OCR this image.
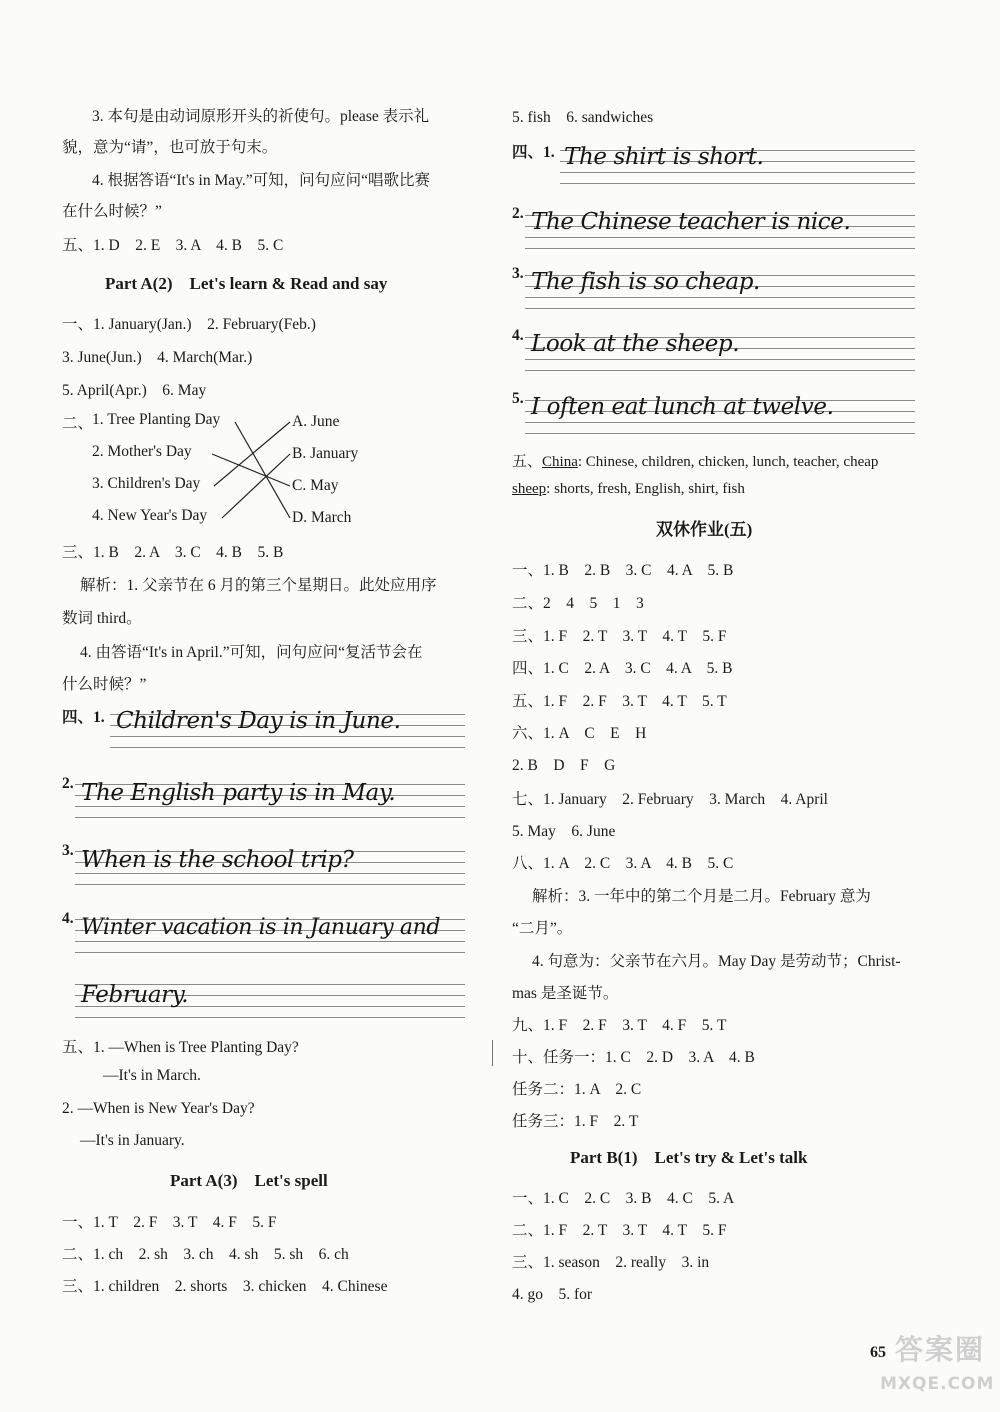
3. 本句是由动词原形开头的祈使句。please 表示礼
貌，意为“请”，也可放于句末。
4. 根据答语“It's in May.”可知，问句应问“唱歌比赛
在什么时候？”
五、1. D　2. E　3. A　4. B　5. C
Part A(2)　Let's learn & Read and say
一、1. January(Jan.)　2. February(Feb.)
3. June(Jun.)　4. March(Mar.)
5. April(Apr.)　6. May
二、
1. Tree Planting Day
2. Mother's Day
3. Children's Day
4. New Year's Day
A. June
B. January
C. May
D. March
三、1. B　2. A　3. C　4. B　5. B
解析：1. 父亲节在 6 月的第三个星期日。此处应用序
数词 third。
4. 由答语“It's in April.”可知，问句应问“复活节会在
什么时候？”
四、1. Children's Day is in June.
2. The English party is in May.
3. When is the school trip?
4. Winter vacation is in January and
February.
五、1. —When is Tree Planting Day?
—It's in March.
2. —When is New Year's Day?
—It's in January.
Part A(3)　Let's spell
一、1. T　2. F　3. T　4. F　5. F
二、1. ch　2. sh　3. ch　4. sh　5. sh　6. ch
三、1. children　2. shorts　3. chicken　4. Chinese
5. fish　6. sandwiches
四、1. The shirt is short.
2. The Chinese teacher is nice.
3. The fish is so cheap.
4. Look at the sheep.
5. I often eat lunch at twelve.
五、China: Chinese, children, chicken, lunch, teacher, cheap
sheep: shorts, fresh, English, shirt, fish
双休作业(五)
一、1. B　2. B　3. C　4. A　5. B
二、2　4　5　1　3
三、1. F　2. T　3. T　4. T　5. F
四、1. C　2. A　3. C　4. A　5. B
五、1. F　2. F　3. T　4. T　5. T
六、1. A　C　E　H
2. B　D　F　G
七、1. January　2. February　3. March　4. April
5. May　6. June
八、1. A　2. C　3. A　4. B　5. C
解析：3. 一年中的第二个月是二月。February 意为
“二月”。
4. 句意为：父亲节在六月。May Day 是劳动节；Christ-
mas 是圣诞节。
九、1. F　2. F　3. T　4. F　5. T
十、任务一：1. C　2. D　3. A　4. B
任务二：1. A　2. C
任务三：1. F　2. T
Part B(1)　Let's try & Let's talk
一、1. C　2. C　3. B　4. C　5. A
二、1. F　2. T　3. T　4. T　5. F
三、1. season　2. really　3. in
4. go　5. for
65 答案圈
MXQE.COM
